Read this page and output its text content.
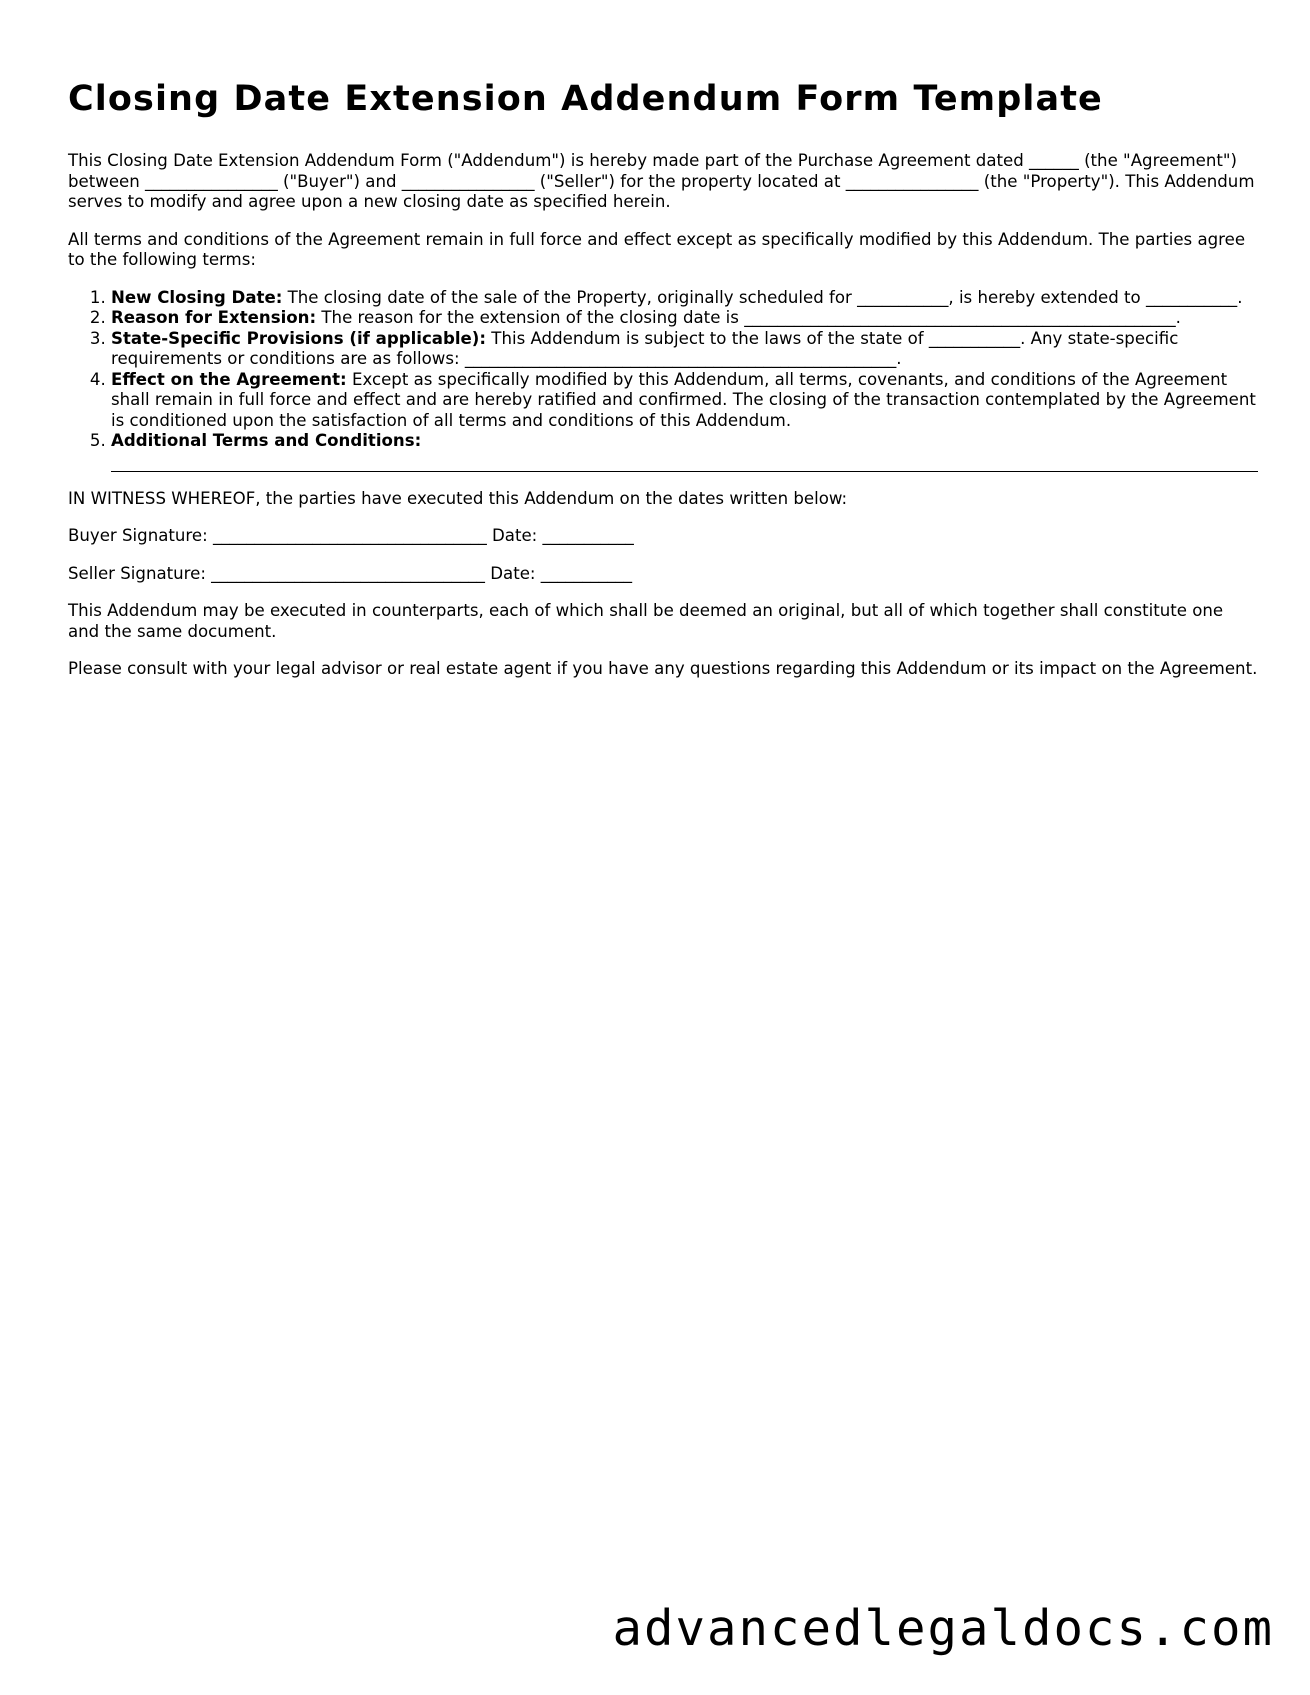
Closing Date Extension Addendum Form Template

This Closing Date Extension Addendum Form ("Addendum") is hereby made part of the Purchase Agreement dated ______ (the "Agreement") between ________________ ("Buyer") and ________________ ("Seller") for the property located at ________________ (the "Property"). This Addendum serves to modify and agree upon a new closing date as specified herein.

All terms and conditions of the Agreement remain in full force and effect except as specifically modified by this Addendum. The parties agree to the following terms:

1. New Closing Date: The closing date of the sale of the Property, originally scheduled for ___________, is hereby extended to ___________.
2. Reason for Extension: The reason for the extension of the closing date is ____________________________________________________.
3. State-Specific Provisions (if applicable): This Addendum is subject to the laws of the state of ___________. Any state-specific requirements or conditions are as follows: ____________________________________________________.
4. Effect on the Agreement: Except as specifically modified by this Addendum, all terms, covenants, and conditions of the Agreement shall remain in full force and effect and are hereby ratified and confirmed. The closing of the transaction contemplated by the Agreement is conditioned upon the satisfaction of all terms and conditions of this Addendum.
5. Additional Terms and Conditions:

IN WITNESS WHEREOF, the parties have executed this Addendum on the dates written below:

Buyer Signature: _________________________________ Date: ___________

Seller Signature: _________________________________ Date: ___________

This Addendum may be executed in counterparts, each of which shall be deemed an original, but all of which together shall constitute one and the same document.

Please consult with your legal advisor or real estate agent if you have any questions regarding this Addendum or its impact on the Agreement.

advancedlegaldocs.com
